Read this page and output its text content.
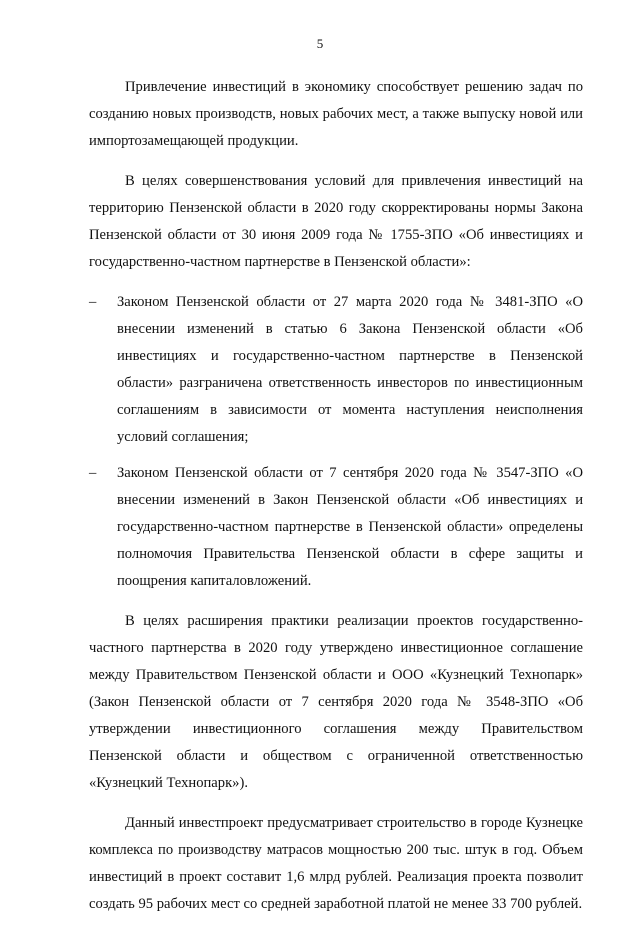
5

Привлечение инвестиций в экономику способствует решению задач по созданию новых производств, новых рабочих мест, а также выпуску новой или импортозамещающей продукции.

В целях совершенствования условий для привлечения инвестиций на территорию Пензенской области в 2020 году скорректированы нормы Закона Пензенской области от 30 июня 2009 года № 1755-ЗПО «Об инвестициях и государственно-частном партнерстве в Пензенской области»:

– Законом Пензенской области от 27 марта 2020 года № 3481-ЗПО «О внесении изменений в статью 6 Закона Пензенской области «Об инвестициях и государственно-частном партнерстве в Пензенской области» разграничена ответственность инвесторов по инвестиционным соглашениям в зависимости от момента наступления неисполнения условий соглашения;
– Законом Пензенской области от 7 сентября 2020 года № 3547-ЗПО «О внесении изменений в Закон Пензенской области «Об инвестициях и государственно-частном партнерстве в Пензенской области» определены полномочия Правительства Пензенской области в сфере защиты и поощрения капиталовложений.

В целях расширения практики реализации проектов государственно-частного партнерства в 2020 году утверждено инвестиционное соглашение между Правительством Пензенской области и ООО «Кузнецкий Технопарк» (Закон Пензенской области от 7 сентября 2020 года № 3548-ЗПО «Об утверждении инвестиционного соглашения между Правительством Пензенской области и обществом с ограниченной ответственностью «Кузнецкий Технопарк»).

Данный инвестпроект предусматривает строительство в городе Кузнецке комплекса по производству матрасов мощностью 200 тыс. штук в год. Объем инвестиций в проект составит 1,6 млрд рублей. Реализация проекта позволит создать 95 рабочих мест со средней заработной платой не менее 33 700 рублей.
